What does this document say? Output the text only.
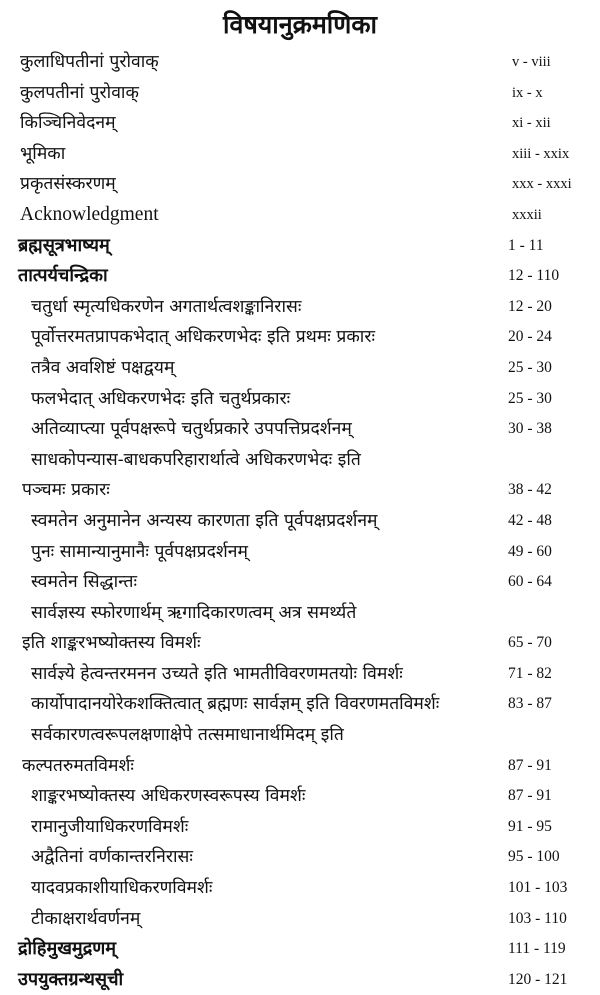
विषयानुक्रमणिका
कुलाधिपतीनां पुरोवाक्	v - viii
कुलपतीनां पुरोवाक्	ix - x
किञ्चिनिवेदनम्	xi - xii
भूमिका	xiii - xxix
प्रकृतसंस्करणम्	xxx - xxxi
Acknowledgment	xxxii
ब्रह्मसूत्रभाष्यम्	1 - 11
तात्पर्यचन्द्रिका	12 - 110
चतुर्धा स्मृत्यधिकरणेन अगतार्थत्वशङ्कानिरासः	12 - 20
पूर्वोत्तरमतप्रापकभेदात् अधिकरणभेदः इति प्रथमः प्रकारः	20 - 24
तत्रैव अवशिष्टं पक्षद्वयम्	25 - 30
फलभेदात् अधिकरणभेदः इति चतुर्थप्रकारः	25 - 30
अतिव्याप्त्या पूर्वपक्षरूपे चतुर्थप्रकारे उपपत्तिप्रदर्शनम्	30 - 38
साधकोपन्यास-बाधकपरिहारार्थात्वे अधिकरणभेदः इति
पञ्चमः प्रकारः	38 - 42
स्वमतेन अनुमानेन अन्यस्य कारणता इति पूर्वपक्षप्रदर्शनम्	42 - 48
पुनः सामान्यानुमानैः पूर्वपक्षप्रदर्शनम्	49 - 60
स्वमतेन सिद्धान्तः	60 - 64
सार्वज्ञस्य स्फोरणार्थम् ऋगादिकारणत्वम् अत्र समर्थ्यते
इति शाङ्करभष्योक्तस्य विमर्शः	65 - 70
सार्वज्ञ्ये हेत्वन्तरमनन उच्यते इति भामतीविवरणमतयोः विमर्शः	71 - 82
कार्योपादानयोरेकशक्तित्वात् ब्रह्मणः सार्वज्ञम् इति विवरणमतविमर्शः	83 - 87
सर्वकारणत्वरूपलक्षणाक्षेपे तत्समाधानार्थमिदम् इति
कल्पतरुमतविमर्शः	87 - 91
शाङ्करभष्योक्तस्य अधिकरणस्वरूपस्य विमर्शः	87 - 91
रामानुजीयाधिकरणविमर्शः	91 - 95
अद्वैतिनां वर्णकान्तरनिरासः	95 - 100
यादवप्रकाशीयाधिकरणविमर्शः	101 - 103
टीकाक्षरार्थवर्णनम्	103 - 110
द्रोहिमुखमुद्रणम्	111 - 119
उपयुक्तग्रन्थसूची	120 - 121
